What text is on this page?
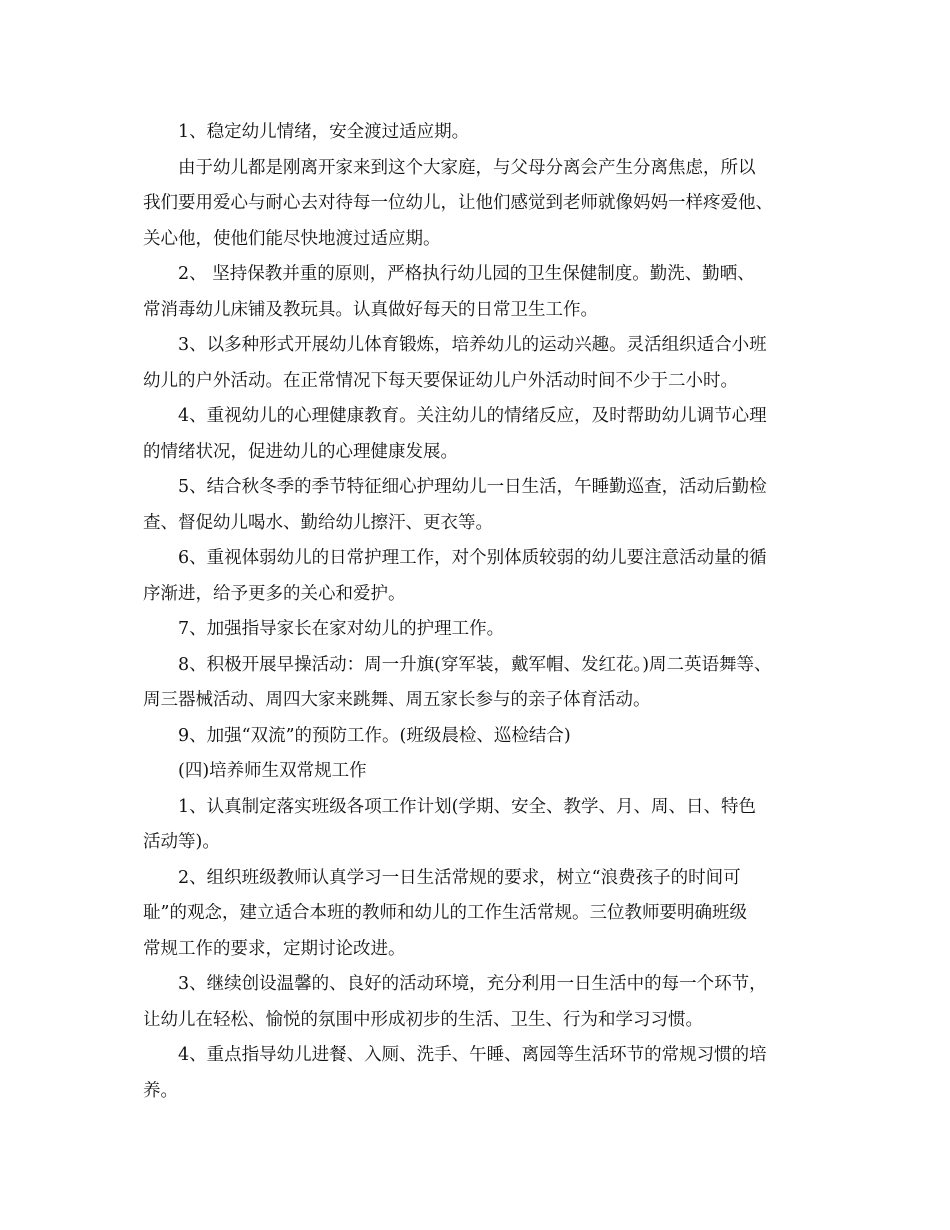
1、稳定幼儿情绪，安全渡过适应期。
由于幼儿都是刚离开家来到这个大家庭，与父母分离会产生分离焦虑，所以
我们要用爱心与耐心去对待每一位幼儿，让他们感觉到老师就像妈妈一样疼爱他、
关心他，使他们能尽快地渡过适应期。
2、 坚持保教并重的原则，严格执行幼儿园的卫生保健制度。勤洗、勤晒、
常消毒幼儿床铺及教玩具。认真做好每天的日常卫生工作。
3、以多种形式开展幼儿体育锻炼，培养幼儿的运动兴趣。灵活组织适合小班
幼儿的户外活动。在正常情况下每天要保证幼儿户外活动时间不少于二小时。
4、重视幼儿的心理健康教育。关注幼儿的情绪反应，及时帮助幼儿调节心理
的情绪状况，促进幼儿的心理健康发展。
5、结合秋冬季的季节特征细心护理幼儿一日生活，午睡勤巡查，活动后勤检
查、督促幼儿喝水、勤给幼儿擦汗、更衣等。
6、重视体弱幼儿的日常护理工作，对个别体质较弱的幼儿要注意活动量的循
序渐进，给予更多的关心和爱护。
7、加强指导家长在家对幼儿的护理工作。
8、积极开展早操活动：周一升旗(穿军装，戴军帽、发红花。)周二英语舞等、
周三器械活动、周四大家来跳舞、周五家长参与的亲子体育活动。
9、加强“双流”的预防工作。(班级晨检、巡检结合)
(四)培养师生双常规工作
1、认真制定落实班级各项工作计划(学期、安全、教学、月、周、日、特色
活动等)。
2、组织班级教师认真学习一日生活常规的要求，树立“浪费孩子的时间可
耻”的观念，建立适合本班的教师和幼儿的工作生活常规。三位教师要明确班级
常规工作的要求，定期讨论改进。
3、继续创设温馨的、良好的活动环境，充分利用一日生活中的每一个环节，
让幼儿在轻松、愉悦的氛围中形成初步的生活、卫生、行为和学习习惯。
4、重点指导幼儿进餐、入厕、洗手、午睡、离园等生活环节的常规习惯的培
养。
